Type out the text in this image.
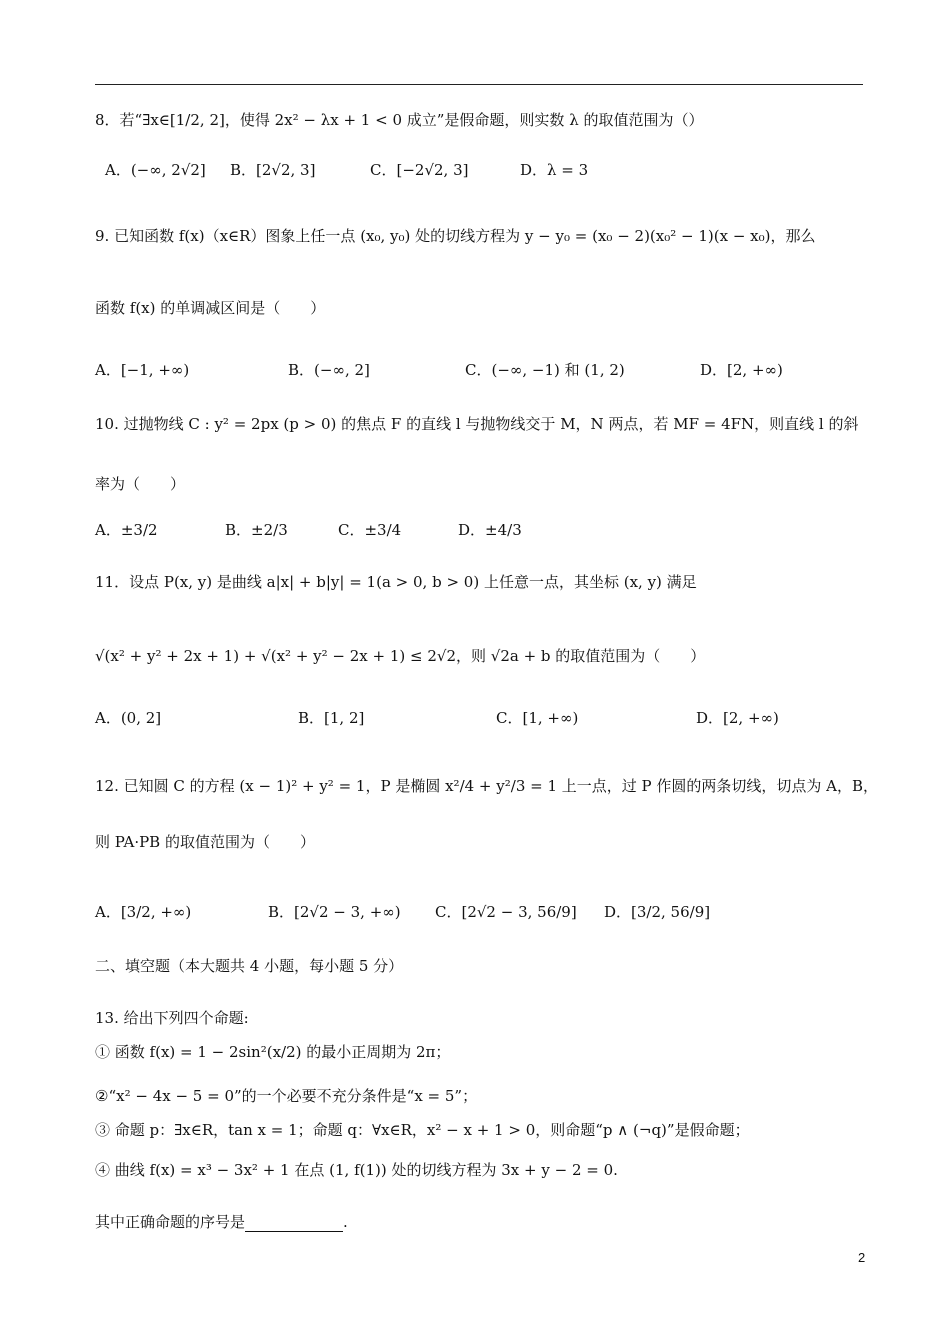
8．若“∃x∈[1/2, 2]，使得 2x² − λx + 1 < 0 成立”是假命题，则实数 λ 的取值范围为（）
A．(−∞, 2√2] B．[2√2, 3]	C．[−2√2, 3]	D．λ = 3
9. 已知函数 f(x)（x∈R）图象上任一点 (x₀, y₀) 处的切线方程为 y − y₀ = (x₀ − 2)(x₀² − 1)(x − x₀)，那么
函数 f(x) 的单调减区间是（　　）
A．[−1, +∞)	B．(−∞, 2]	C．(−∞, −1) 和 (1, 2)	D．[2, +∞)
10. 过抛物线 C : y² = 2px (p > 0) 的焦点 F 的直线 l 与抛物线交于 M，N 两点，若 MF = 4FN，则直线 l 的斜
率为（　　）
A．±3/2	B．±2/3	C．±3/4	D．±4/3
11．设点 P(x, y) 是曲线 a|x| + b|y| = 1(a > 0, b > 0) 上任意一点，其坐标 (x, y) 满足
√(x² + y² + 2x + 1) + √(x² + y² − 2x + 1) ≤ 2√2，则 √2a + b 的取值范围为（　　）
A．(0, 2]	B．[1, 2]	C．[1, +∞)	D．[2, +∞)
12. 已知圆 C 的方程 (x − 1)² + y² = 1，P 是椭圆 x²/4 + y²/3 = 1 上一点，过 P 作圆的两条切线，切点为 A，B，
则 PA·PB 的取值范围为（　　）
A．[3/2, +∞)	B．[2√2 − 3, +∞) C．[2√2 − 3, 56/9] D．[3/2, 56/9]
二、填空题（本大题共 4 小题，每小题 5 分）
13. 给出下列四个命题:
① 函数 f(x) = 1 − 2sin²(x/2) 的最小正周期为 2π；
②“x² − 4x − 5 = 0”的一个必要不充分条件是“x = 5”；
③ 命题 p：∃x∈R，tan x = 1；命题 q：∀x∈R，x² − x + 1 > 0，则命题“p ∧ (¬q)”是假命题；
④ 曲线 f(x) = x³ − 3x² + 1 在点 (1, f(1)) 处的切线方程为 3x + y − 2 = 0.
其中正确命题的序号是	.
2
